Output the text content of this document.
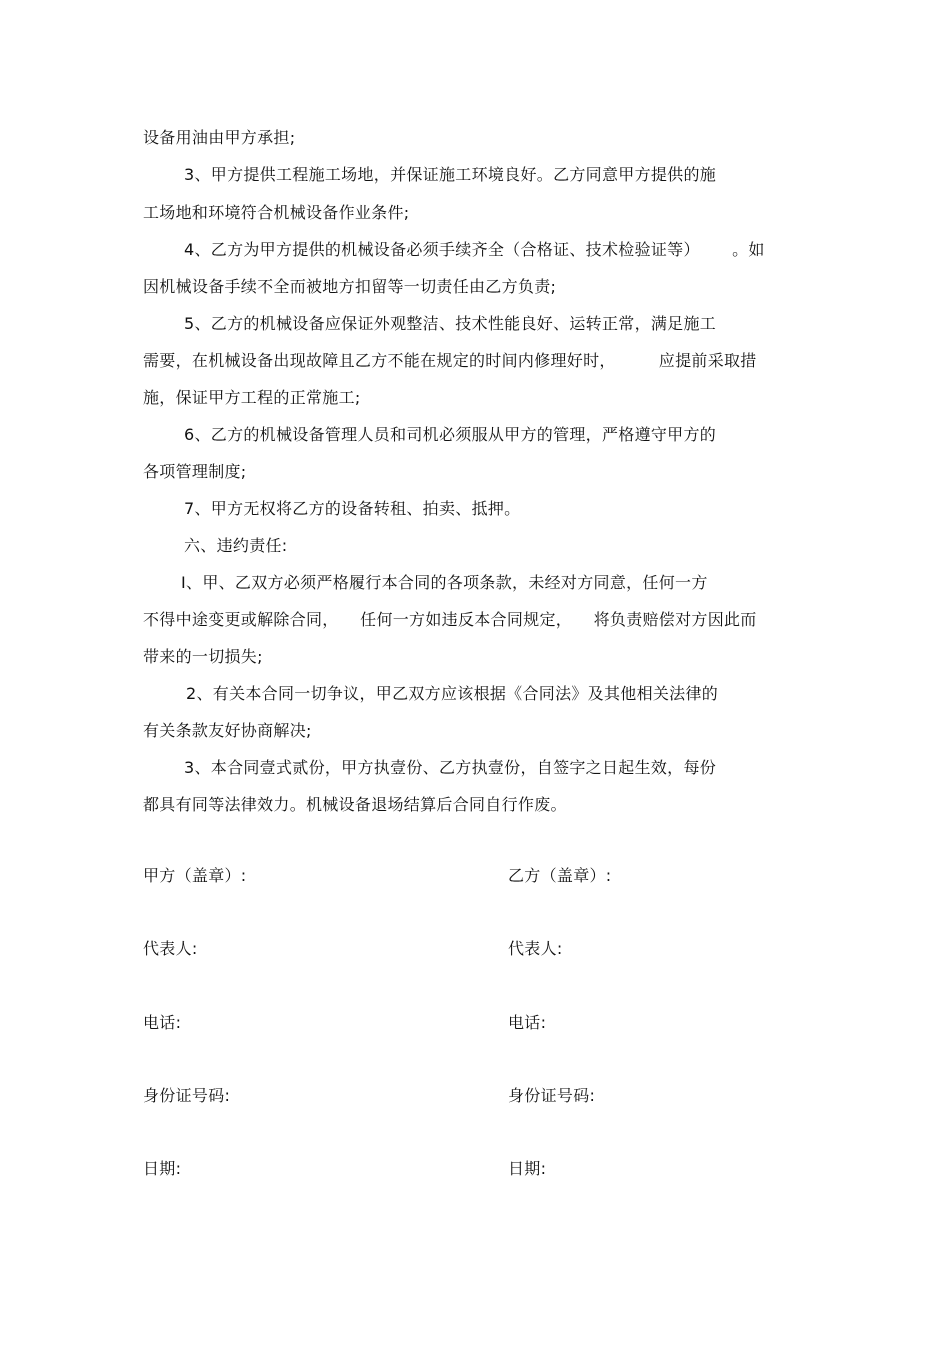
设备用油由甲方承担;
3、甲方提供工程施工场地，并保证施工环境良好。乙方同意甲方提供的施
工场地和环境符合机械设备作业条件;
4、乙方为甲方提供的机械设备必须手续齐全（合格证、技术检验证等）      。如
因机械设备手续不全而被地方扣留等一切责任由乙方负责;
5、乙方的机械设备应保证外观整洁、技术性能良好、运转正常，满足施工
需要，在机械设备出现故障且乙方不能在规定的时间内修理好时，        应提前采取措
施，保证甲方工程的正常施工;
6、乙方的机械设备管理人员和司机必须服从甲方的管理，严格遵守甲方的
各项管理制度;
7、甲方无权将乙方的设备转租、拍卖、抵押。
六、违约责任:
I、甲、乙双方必须严格履行本合同的各项条款，未经对方同意，任何一方
不得中途变更或解除合同，    任何一方如违反本合同规定，    将负责赔偿对方因此而
带来的一切损失;
2、有关本合同一切争议，甲乙双方应该根据《合同法》及其他相关法律的
有关条款友好协商解决;
3、本合同壹式贰份，甲方执壹份、乙方执壹份，自签字之日起生效，每份
都具有同等法律效力。机械设备退场结算后合同自行作废。
甲方（盖章）:	乙方（盖章）:
代表人:	代表人:
电话:	电话:
身份证号码:	身份证号码:
日期:	日期:
